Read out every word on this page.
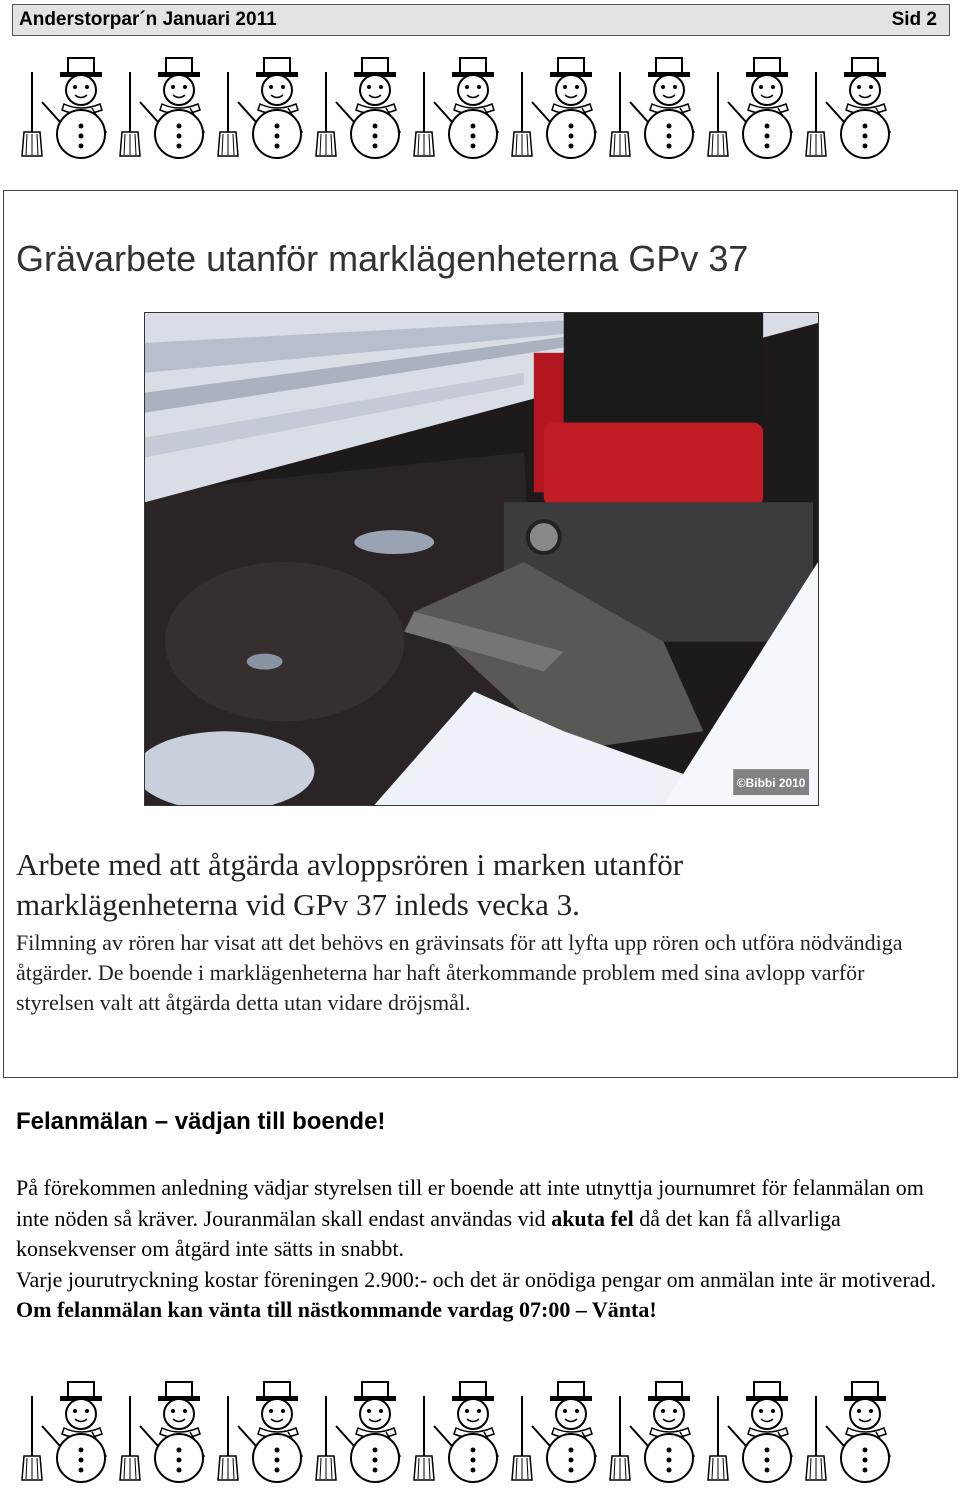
Anderstorpar´n Januari 2011	Sid 2
Grävarbete utanför marklägenheterna GPv 37
©Bibbi 2010
Arbete med att åtgärda avloppsrören i marken utanför
marklägenheterna vid GPv 37 inleds vecka 3.
Filmning av rören har visat att det behövs en grävinsats för att lyfta upp rören och utföra nödvändiga åtgärder. De boende i marklägenheterna har haft återkommande problem med sina avlopp varför styrelsen valt att åtgärda detta utan vidare dröjsmål.
Felanmälan – vädjan till boende!

På förekommen anledning vädjar styrelsen till er boende att inte utnyttja journumret för felanmälan om inte nöden så kräver. Jouranmälan skall endast användas vid akuta fel då det kan få allvarliga konsekvenser om åtgärd inte sätts in snabbt.

Varje jourutryckning kostar föreningen 2.900:- och det är onödiga pengar om anmälan inte är motiverad.

Om felanmälan kan vänta till nästkommande vardag 07:00 – Vänta!
